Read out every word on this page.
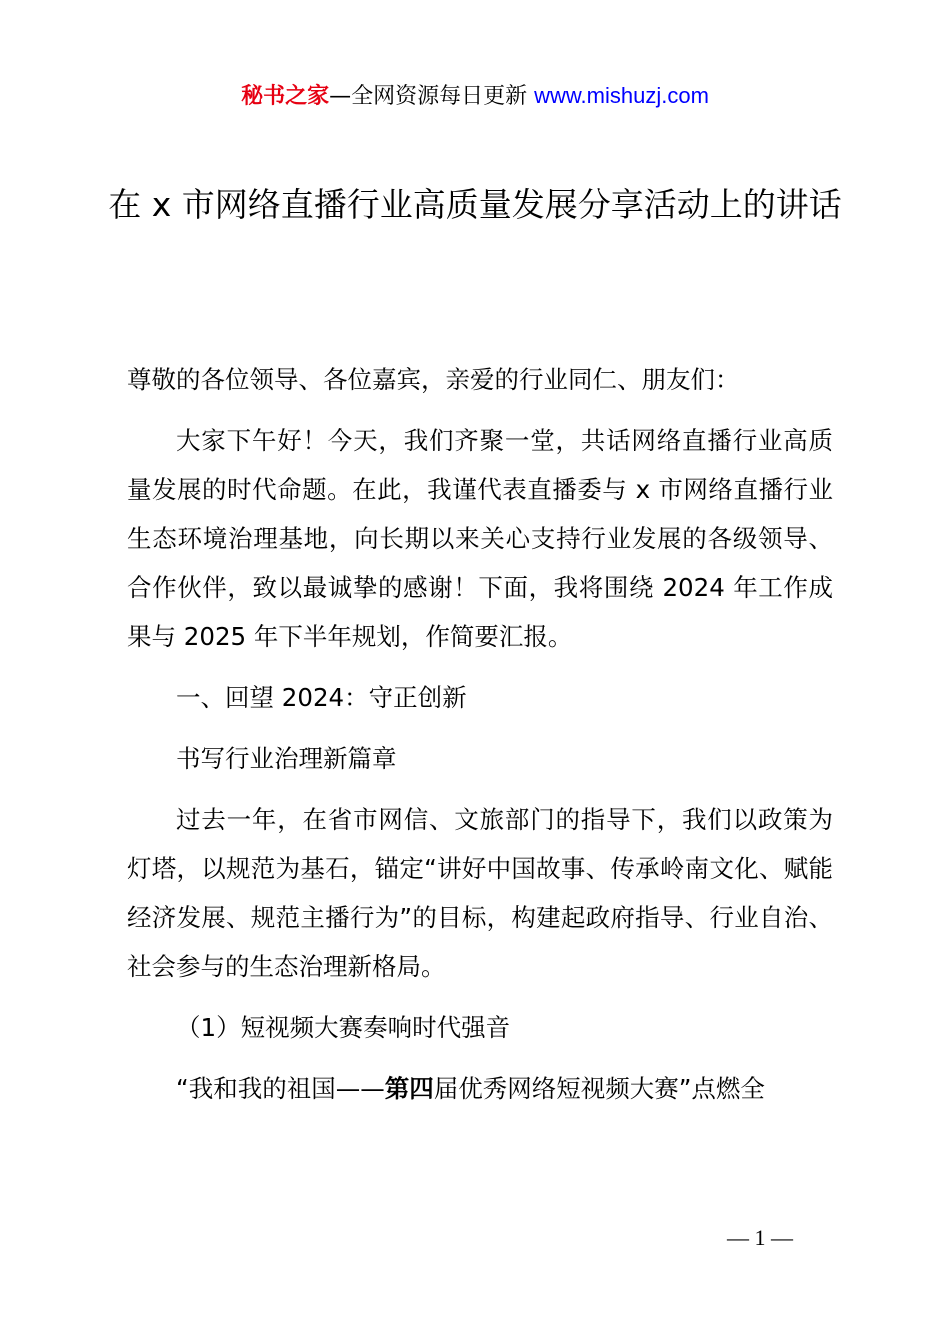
秘书之家—全网资源每日更新 www.mishuzj.com
在 x 市网络直播行业高质量发展分享活动上的讲话

尊敬的各位领导、各位嘉宾，亲爱的行业同仁、朋友们：

大家下午好！今天，我们齐聚一堂，共话网络直播行业高质量发展的时代命题。在此，我谨代表直播委与 x 市网络直播行业生态环境治理基地，向长期以来关心支持行业发展的各级领导、合作伙伴，致以最诚挚的感谢！下面，我将围绕 2024 年工作成果与 2025 年下半年规划，作简要汇报。

一、回望 2024：守正创新

书写行业治理新篇章

过去一年，在省市网信、文旅部门的指导下，我们以政策为灯塔，以规范为基石，锚定“讲好中国故事、传承岭南文化、赋能经济发展、规范主播行为”的目标，构建起政府指导、行业自治、社会参与的生态治理新格局。

（1）短视频大赛奏响时代强音

“我和我的祖国——第四届优秀网络短视频大赛”点燃全

— 1 —
